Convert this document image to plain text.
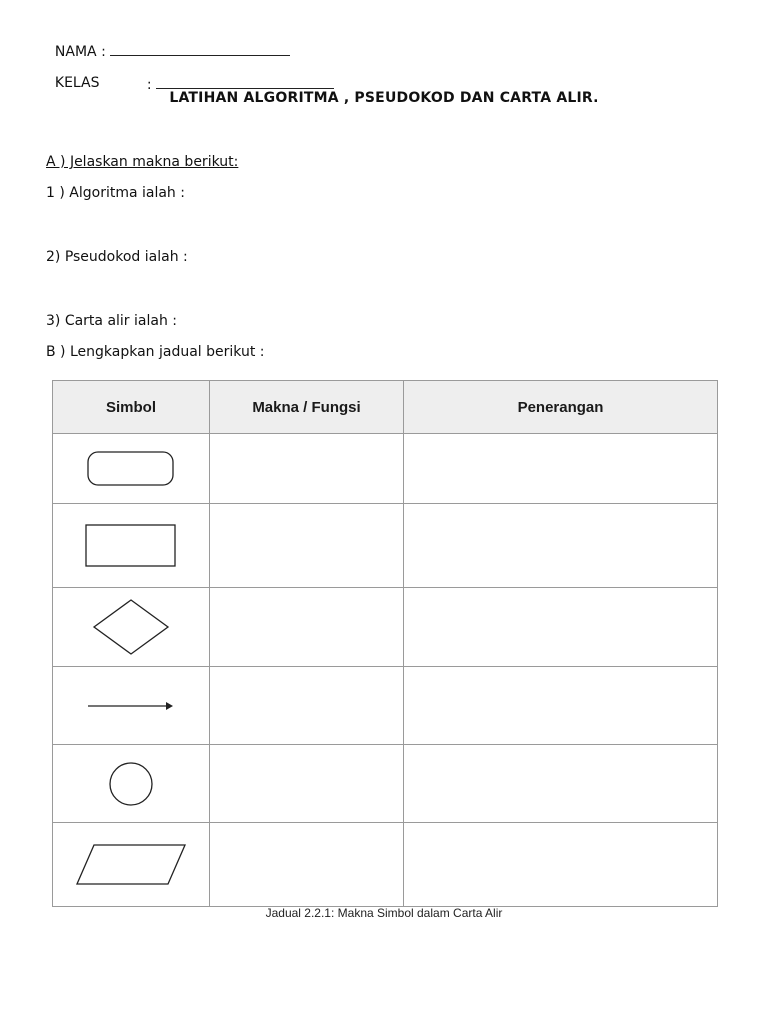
NAMA :

KELAS	:

LATIHAN ALGORITMA , PSEUDOKOD DAN CARTA ALIR.
A ) Jelaskan makna berikut:
1 ) Algoritma ialah :
2) Pseudokod ialah :
3) Carta alir ialah :
B ) Lengkapkan jadual berikut :
Simbol	Makna / Fungsi	Penerangan

Jadual 2.2.1: Makna Simbol dalam Carta Alir
